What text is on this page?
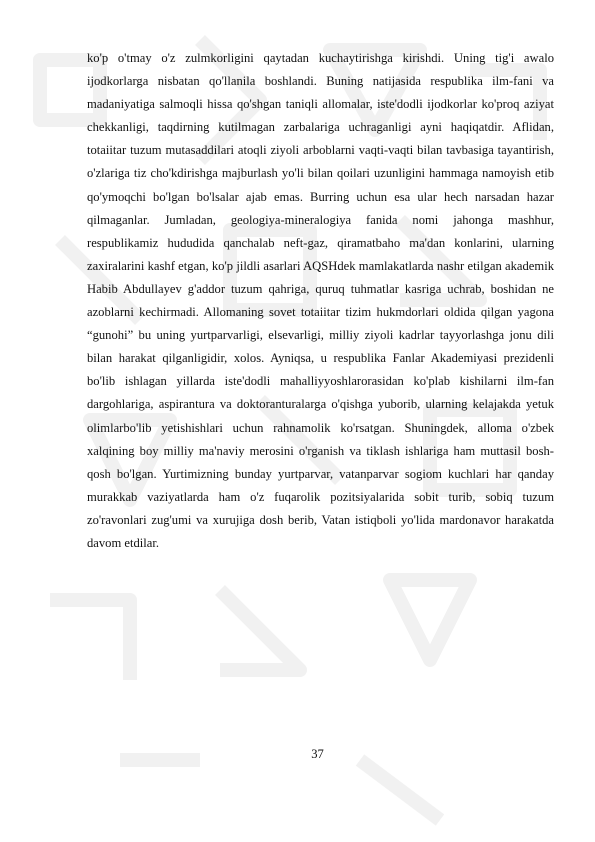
ko'p o'tmay o'z zulmkorligini qaytadan kuchaytirishga kirishdi. Uning tig'i awalo ijodkorlarga nisbatan qo'llanila boshlandi. Buning natijasida respublika ilm-fani va madaniyatiga salmoqli hissa qo'shgan taniqli allomalar, iste'dodli ijodkorlar ko'proq aziyat chekkanligi, taqdirning kutilmagan zarbalariga uchraganligi ayni haqiqatdir. Aflidan, totaiitar tuzum mutasaddilari atoqli ziyoli arboblarni vaqti-vaqti bilan tavbasiga tayantirish, o'zlariga tiz cho'kdirishga majburlash yo'li bilan qoilari uzunligini hammaga namoyish etib qo'ymoqchi bo'lgan bo'lsalar ajab emas. Burring uchun esa ular hech narsadan hazar qilmaganlar. Jumladan, geologiya-mineralogiya fanida nomi jahonga mashhur, respublikamiz hududida qanchalab neft-gaz, qiramatbaho ma'dan konlarini, ularning zaxiralarini kashf etgan, ko'p jildli asarlari AQSHdek mamlakatlarda nashr etilgan akademik Habib Abdullayev g'addor tuzum qahriga, quruq tuhmatlar kasriga uchrab, boshidan ne azoblarni kechirmadi. Allomaning sovet totaiitar tizim hukmdorlari oldida qilgan yagona “gunohi” bu uning yurtparvarligi, elsevarligi, milliy ziyoli kadrlar tayyorlashga jonu dili bilan harakat qilganligidir, xolos. Ayniqsa, u respublika Fanlar Akademiyasi prezidenli bo'lib ishlagan yillarda iste'dodli mahalliyyoshlarorasidan ko'plab kishilarni ilm-fan dargohlariga, aspirantura va doktoranturalarga o'qishga yuborib, ularning kelajakda yetuk olimlarbo'lib yetishishlari uchun rahnamolik ko'rsatgan. Shuningdek, alloma o'zbek xalqining boy milliy ma'naviy merosini o'rganish va tiklash ishlariga ham muttasil bosh-qosh bo'lgan. Yurtimizning bunday yurtparvar, vatanparvar sogiom kuchlari har qanday murakkab vaziyatlarda ham o'z fuqarolik pozitsiyalarida sobit turib, sobiq tuzum zo'ravonlari zug'umi va xurujiga dosh berib, Vatan istiqboli yo'lida mardonavor harakatda davom etdilar.

37
